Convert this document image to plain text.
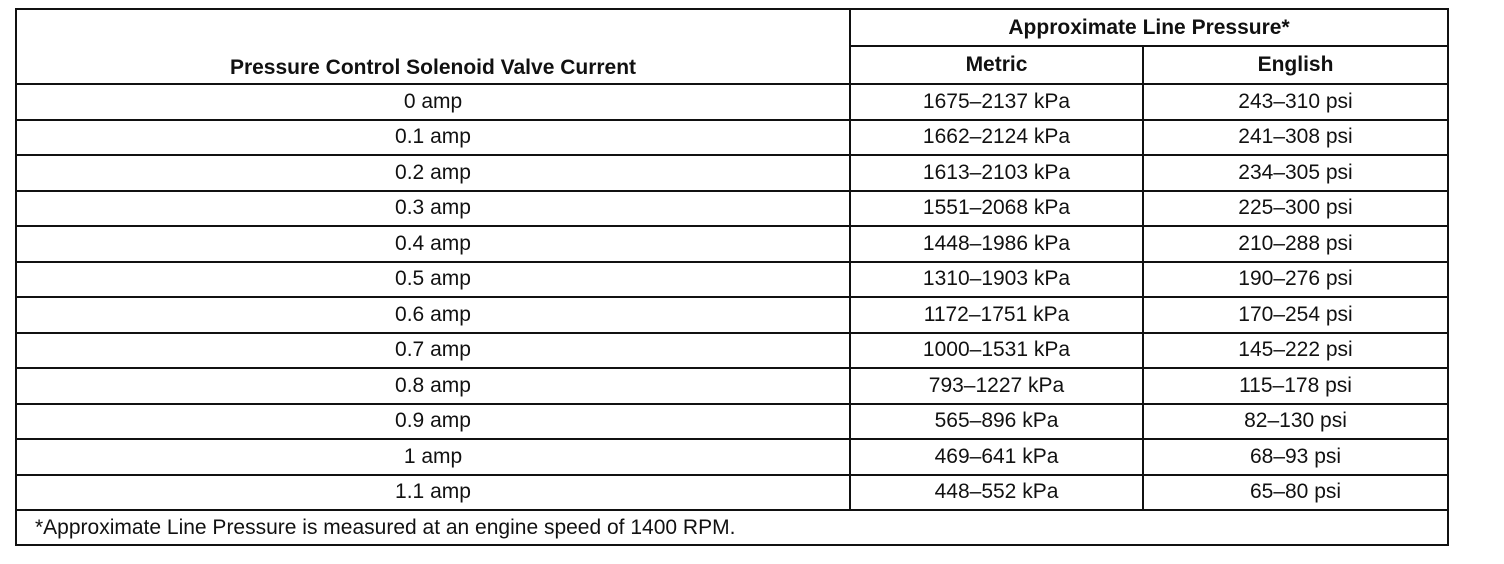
Pressure Control Solenoid Valve Current	Approximate Line Pressure*	
	Metric	English
0 amp	1675–2137 kPa	243–310 psi
0.1 amp	1662–2124 kPa	241–308 psi
0.2 amp	1613–2103 kPa	234–305 psi
0.3 amp	1551–2068 kPa	225–300 psi
0.4 amp	1448–1986 kPa	210–288 psi
0.5 amp	1310–1903 kPa	190–276 psi
0.6 amp	1172–1751 kPa	170–254 psi
0.7 amp	1000–1531 kPa	145–222 psi
0.8 amp	793–1227 kPa	115–178 psi
0.9 amp	565–896 kPa	82–130 psi
1 amp	469–641 kPa	68–93 psi
1.1 amp	448–552 kPa	65–80 psi
*Approximate Line Pressure is measured at an engine speed of 1400 RPM.		
